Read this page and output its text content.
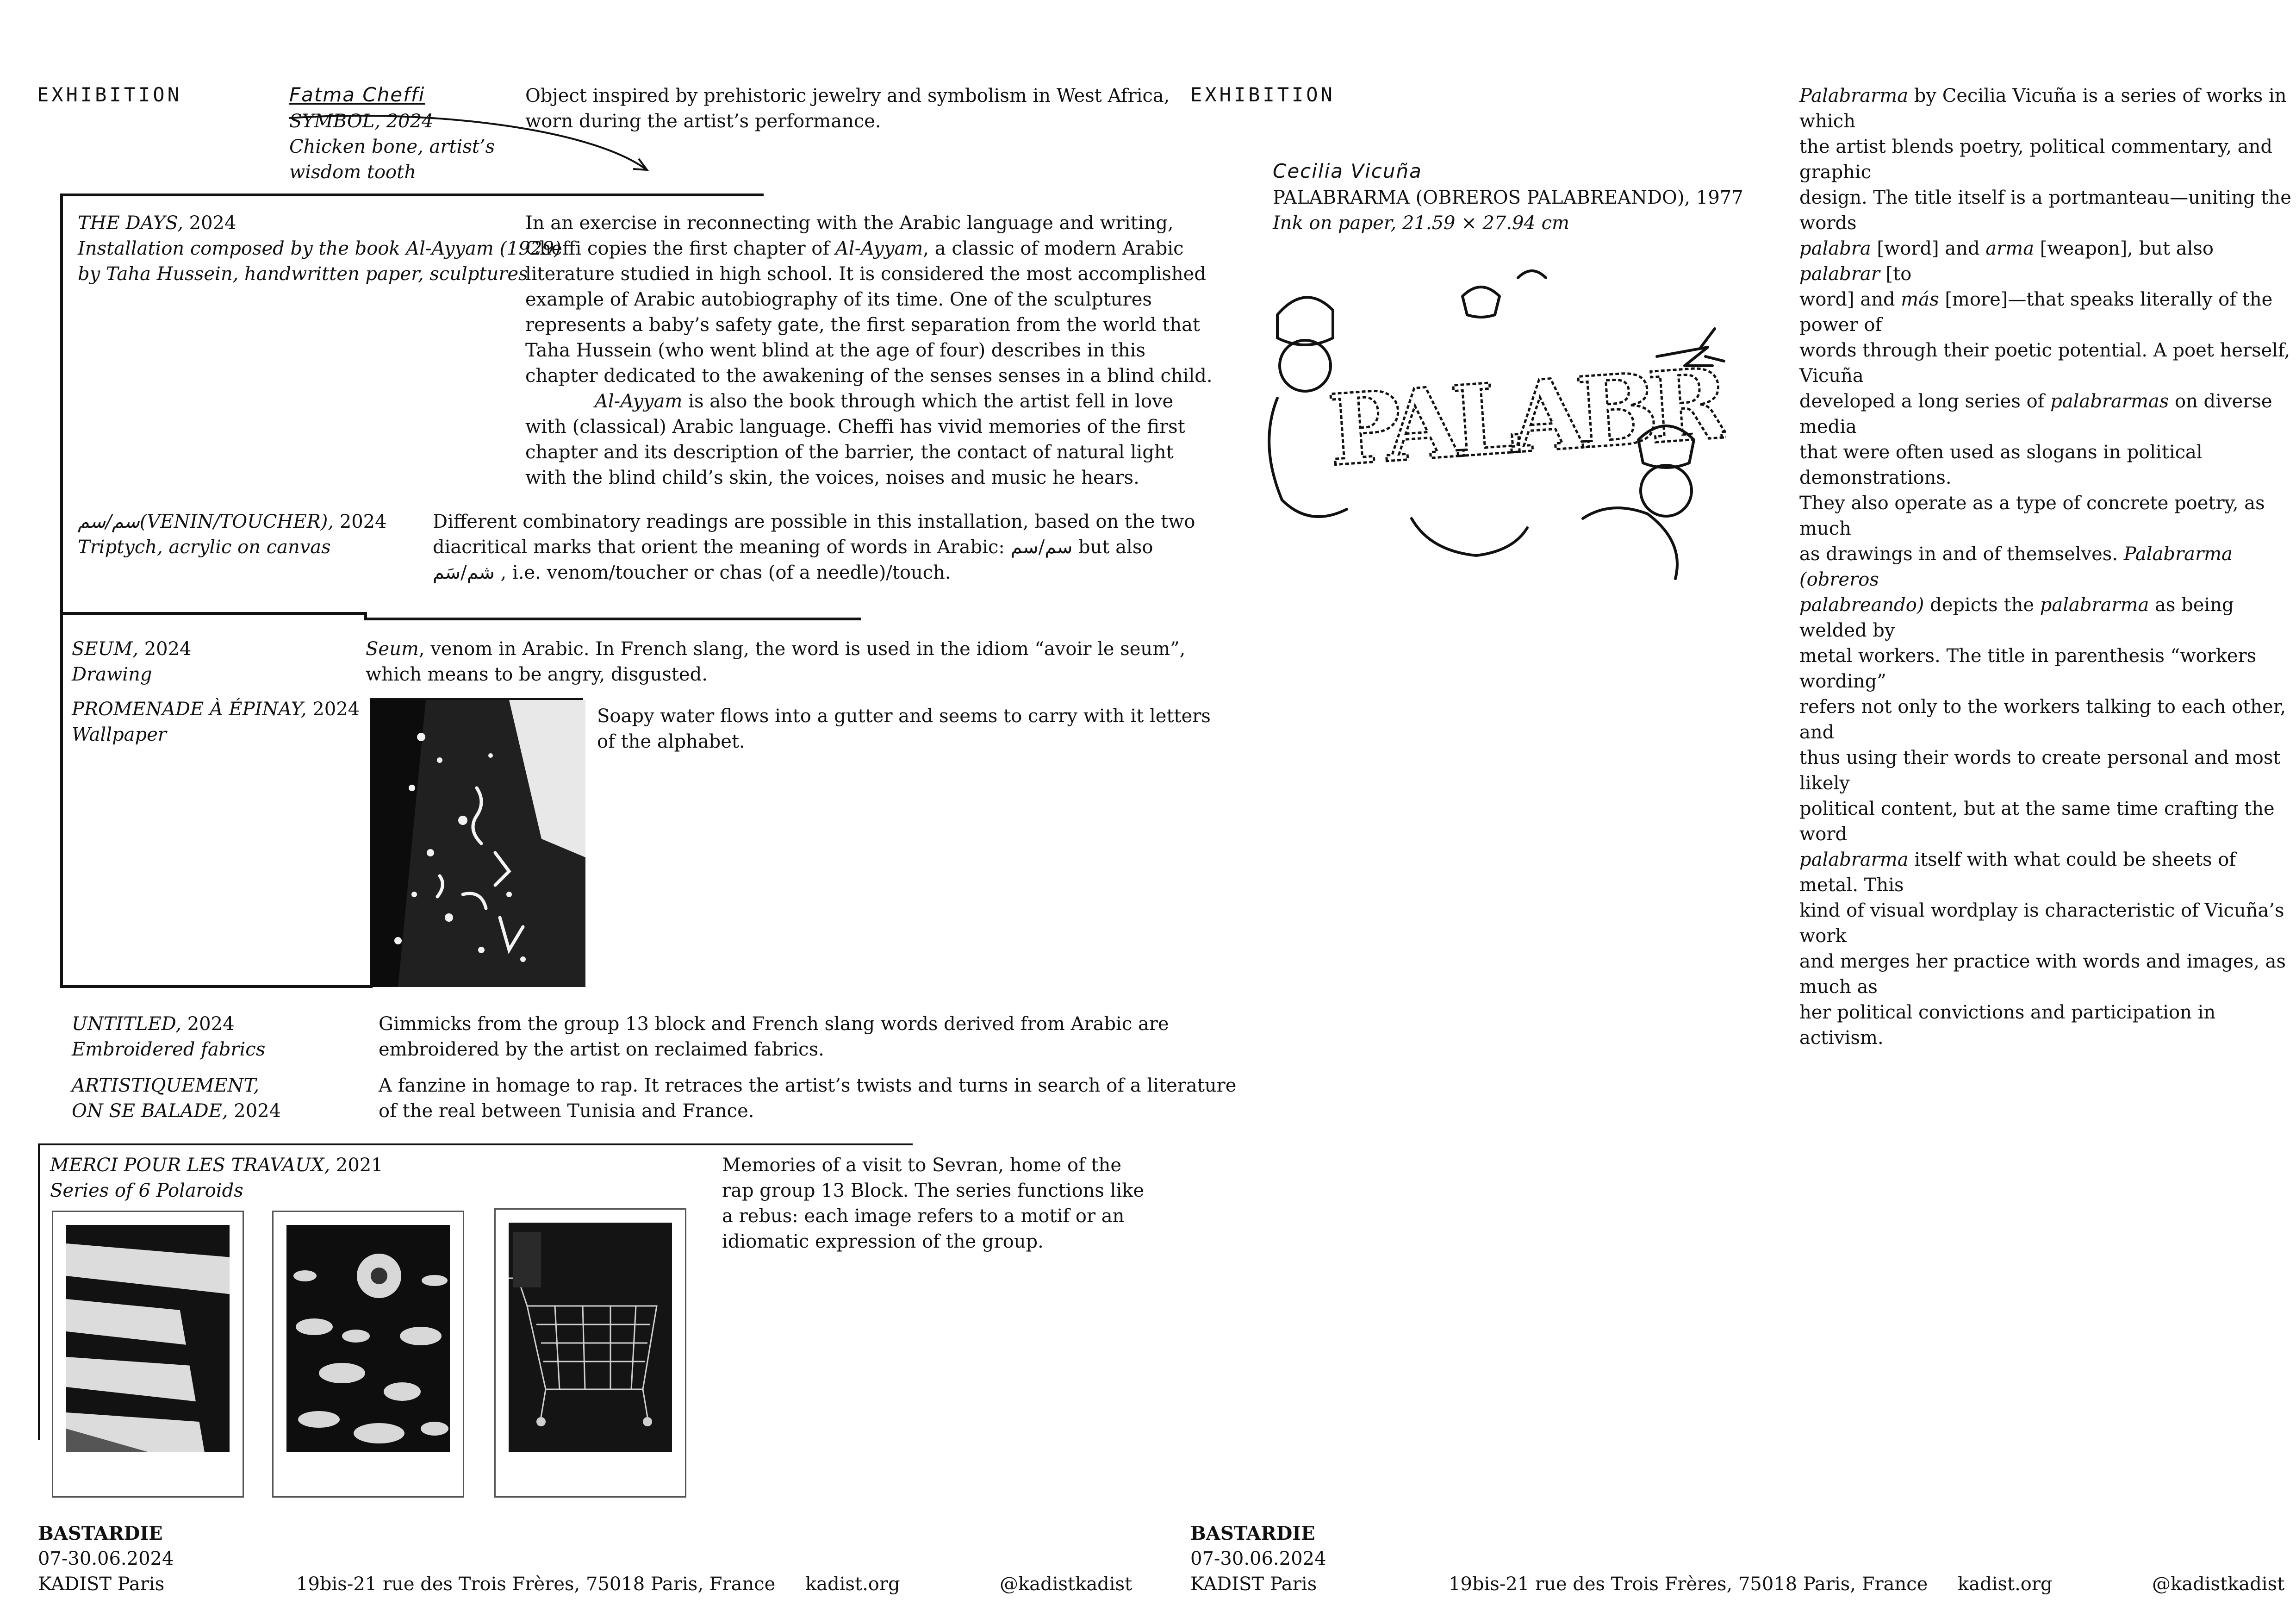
EXHIBITION	Fatma Cheffi
SYMBOL, 2024
Chicken bone, artist’s
wisdom tooth
Object inspired by prehistoric jewelry and symbolism in West Africa,
worn during the artist’s performance.
THE DAYS, 2024
Installation composed by the book Al-Ayyam (1929)
by Taha Hussein, handwritten paper, sculptures
In an exercise in reconnecting with the Arabic language and writing,
Cheffi copies the first chapter of Al-Ayyam, a classic of modern Arabic
literature studied in high school. It is considered the most accomplished
example of Arabic autobiography of its time. One of the sculptures
represents a baby’s safety gate, the first separation from the world that
Taha Hussein (who went blind at the age of four) describes in this
chapter dedicated to the awakening of the senses senses in a blind child.
Al-Ayyam is also the book through which the artist fell in love
with (classical) Arabic language. Cheffi has vivid memories of the first
chapter and its description of the barrier, the contact of natural light
with the blind child’s skin, the voices, noises and music he hears.
سم/سم(VENIN/TOUCHER), 2024
Triptych, acrylic on canvas
Different combinatory readings are possible in this installation, based on the two
diacritical marks that orient the meaning of words in Arabic: سم/سم but also
شم/سَم , i.e. venom/toucher or chas (of a needle)/touch.
SEUM, 2024
Drawing
Seum, venom in Arabic. In French slang, the word is used in the idiom “avoir le seum”,
which means to be angry, disgusted.
PROMENADE À ÉPINAY, 2024
Wallpaper
Soapy water flows into a gutter and seems to carry with it letters
of the alphabet.
UNTITLED, 2024
Embroidered fabrics
Gimmicks from the group 13 block and French slang words derived from Arabic are
embroidered by the artist on reclaimed fabrics.
ARTISTIQUEMENT,
ON SE BALADE, 2024
A fanzine in homage to rap. It retraces the artist’s twists and turns in search of a literature
of the real between Tunisia and France.
MERCI POUR LES TRAVAUX, 2021
Series of 6 Polaroids
Memories of a visit to Sevran, home of the
rap group 13 Block. The series functions like
a rebus: each image refers to a motif or an
idiomatic expression of the group.
BASTARDIE
07-30.06.2024
KADIST Paris	19bis-21 rue des Trois Frères, 75018 Paris, France kadist.org	@kadistkadist
EXHIBITION
Cecilia Vicuña
PALABRARMA (OBREROS PALABREANDO), 1977
Ink on paper, 21.59 × 27.94 cm
PALABRARMA
Palabrarma by Cecilia Vicuña is a series of works in which
the artist blends poetry, political commentary, and graphic
design. The title itself is a portmanteau—uniting the words
palabra [word] and arma [weapon], but also palabrar [to
word] and más [more]—that speaks literally of the power of
words through their poetic potential. A poet herself, Vicuña
developed a long series of palabrarmas on diverse media
that were often used as slogans in political demonstrations.
They also operate as a type of concrete poetry, as much
as drawings in and of themselves. Palabrarma (obreros
palabreando) depicts the palabrarma as being welded by
metal workers. The title in parenthesis “workers wording”
refers not only to the workers talking to each other, and
thus using their words to create personal and most likely
political content, but at the same time crafting the word
palabrarma itself with what could be sheets of metal. This
kind of visual wordplay is characteristic of Vicuña’s work
and merges her practice with words and images, as much as
her political convictions and participation in activism.
BASTARDIE
07-30.06.2024
KADIST Paris	19bis-21 rue des Trois Frères, 75018 Paris, France kadist.org	@kadistkadist
